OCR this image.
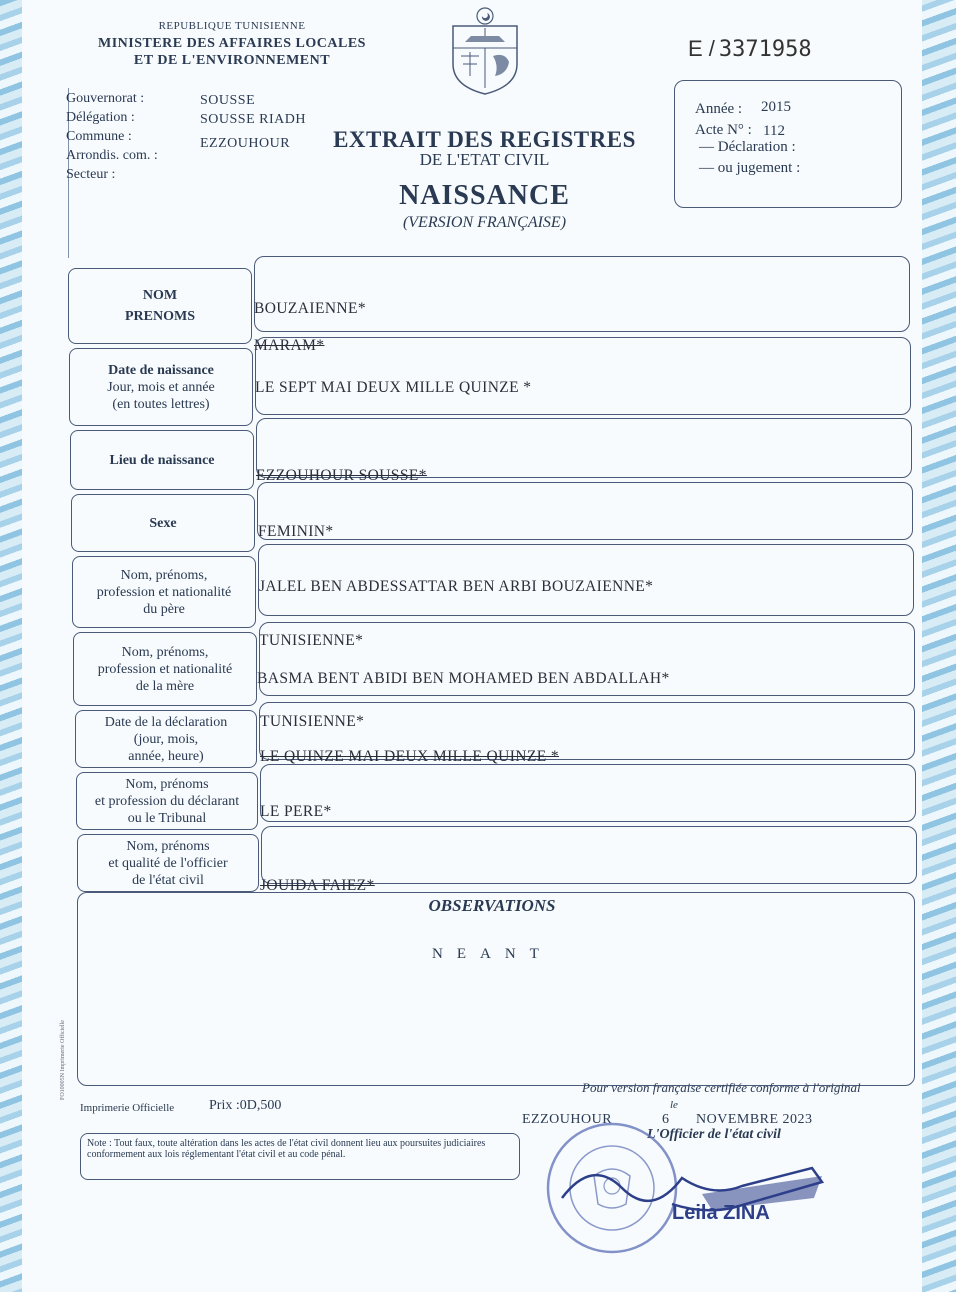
REPUBLIQUE TUNISIENNE
MINISTERE DES AFFAIRES LOCALES
ET DE L'ENVIRONNEMENT
Gouvernorat :	SOUSSE
Délégation :	SOUSSE RIADH
Commune :	EZZOUHOUR
Arrondis. com. :
Secteur :
EXTRAIT DES REGISTRES
DE L'ETAT CIVIL
NAISSANCE
(VERSION FRANÇAISE)
E / 3371958
Année : 2015
Acte N° : 112
— Déclaration :
— ou jugement :
NOM
PRENOMS	BOUZAIENNE*
MARAM*
Date de naissance
Jour, mois et année
(en toutes lettres)
LE SEPT MAI DEUX MILLE QUINZE *
Lieu de naissance
EZZOUHOUR SOUSSE*
Sexe	FEMININ*
Nom, prénoms,
profession et nationalité
du père
JALEL BEN ABDESSATTAR BEN ARBI BOUZAIENNE*
TUNISIENNE*
Nom, prénoms,
profession et nationalité
de la mère	BASMA BENT ABIDI BEN MOHAMED BEN ABDALLAH*
TUNISIENNE*
Date de la déclaration
(jour, mois,
année, heure)	LE QUINZE MAI DEUX MILLE QUINZE *
Nom, prénoms
et profession du déclarant
ou le Tribunal	LE PERE*
Nom, prénoms
et qualité de l'officier
de l'état civil	JOUIDA FAIEZ*
OBSERVATIONS
NEANT
FO10005N Imprimerie Officielle
Imprimerie Officielle Prix :0D,500
Note : Tout faux, toute altération dans les actes de l'état civil donnent lieu aux poursuites judiciaires conformement aux lois réglementant l'état civil et au code pénal.
Pour version française certifiée conforme à l'original
EZZOUHOUR
le
6 NOVEMBRE 2023
L'Officier de l'état civil
Leila ZINA
